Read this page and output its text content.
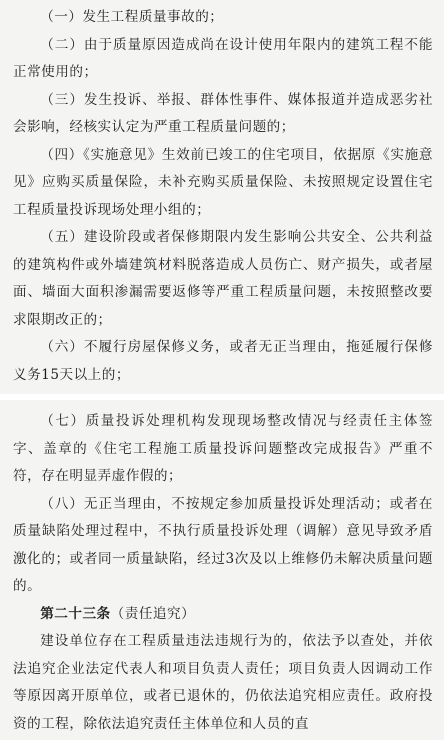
（一）发生工程质量事故的；

（二）由于质量原因造成尚在设计使用年限内的建筑工程不能正常使用的；

（三）发生投诉、举报、群体性事件、媒体报道并造成恶劣社会影响，经核实认定为严重工程质量问题的；

（四）《实施意见》生效前已竣工的住宅项目，依据原《实施意见》应购买质量保险，未补充购买质量保险、未按照规定设置住宅工程质量投诉现场处理小组的；

（五）建设阶段或者保修期限内发生影响公共安全、公共利益的建筑构件或外墙建筑材料脱落造成人员伤亡、财产损失，或者屋面、墙面大面积渗漏需要返修等严重工程质量问题，未按照整改要求限期改正的；

（六）不履行房屋保修义务，或者无正当理由，拖延履行保修义务15天以上的；

（七）质量投诉处理机构发现现场整改情况与经责任主体签字、盖章的《住宅工程施工质量投诉问题整改完成报告》严重不符，存在明显弄虚作假的；

（八）无正当理由，不按规定参加质量投诉处理活动；或者在质量缺陷处理过程中，不执行质量投诉处理（调解）意见导致矛盾激化的；或者同一质量缺陷，经过3次及以上维修仍未解决质量问题的。

第二十三条（责任追究）

建设单位存在工程质量违法违规行为的，依法予以查处，并依法追究企业法定代表人和项目负责人责任；项目负责人因调动工作等原因离开原单位，或者已退休的，仍依法追究相应责任。政府投资的工程，除依法追究责任主体单位和人员的直
